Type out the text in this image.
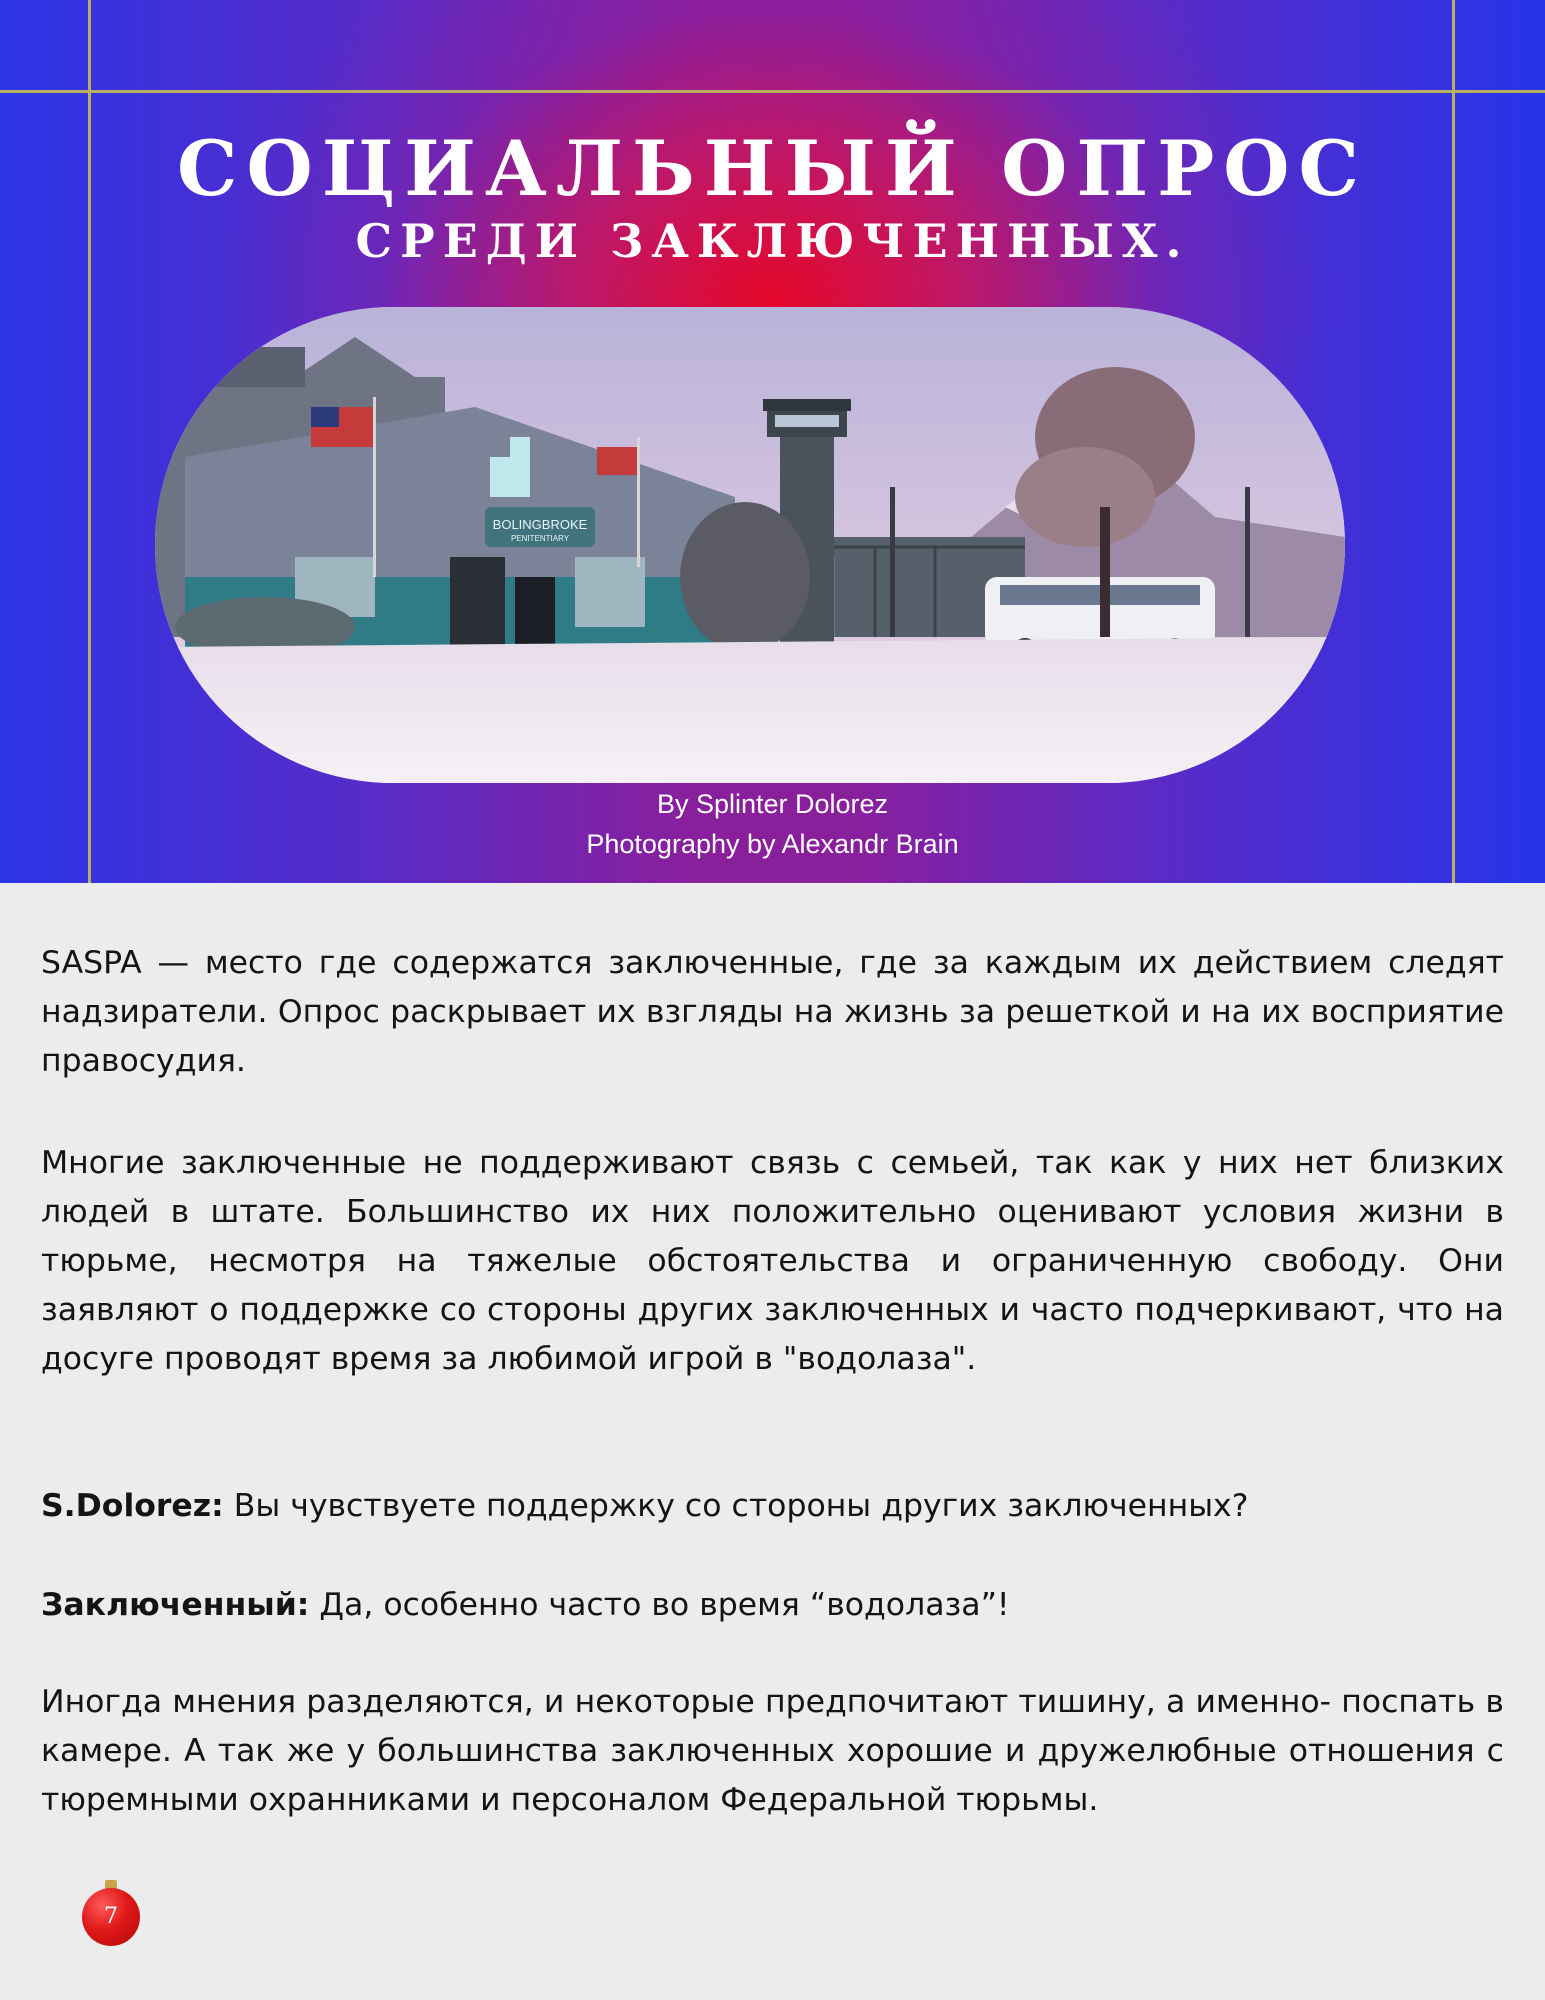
СОЦИАЛЬНЫЙ ОПРОС
СРЕДИ ЗАКЛЮЧЕННЫХ.
BOLINGBROKE
PENITENTIARY
By Splinter Dolorez
Photography by Alexandr Brain

SASPA — место где содержатся заключенные, где за каждым их действием следят надзиратели. Опрос раскрывает их взгляды на жизнь за решеткой и на их восприятие правосудия.

Многие заключенные не поддерживают связь с семьей, так как у них нет близких людей в штате. Большинство их них положительно оценивают условия жизни в тюрьме, несмотря на тяжелые обстоятельства и ограниченную свободу. Они заявляют о поддержке со стороны других заключенных и часто подчеркивают, что на досуге проводят время за любимой игрой в "водолаза".

S.Dolorez: Вы чувствуете поддержку со стороны других заключенных?

Заключенный: Да, особенно часто во время “водолаза”!

Иногда мнения разделяются, и некоторые предпочитают тишину, а именно- поспать в камере. А так же у большинства заключенных хорошие и дружелюбные отношения с тюремными охранниками и персоналом Федеральной тюрьмы.

7
